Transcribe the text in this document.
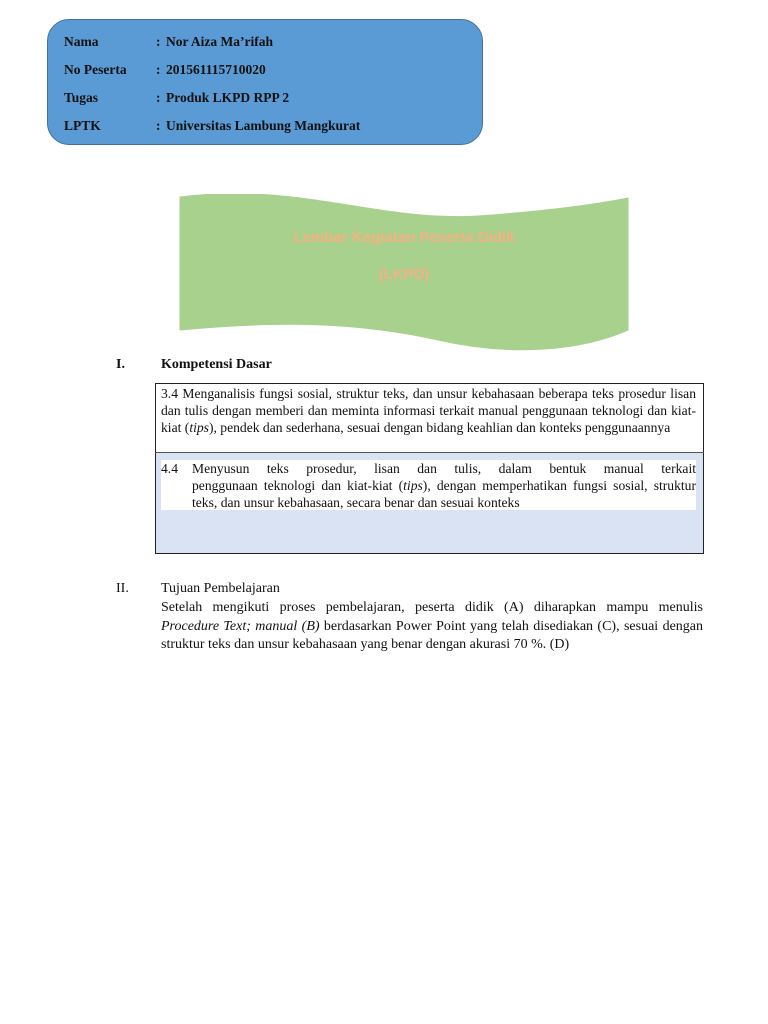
Nama	: Nor Aiza Ma’rifah
No Peserta : 201561115710020
Tugas	: Produk LKPD RPP 2
LPTK	: Universitas Lambung Mangkurat
Lembar Kegiatan Peserta Didik
(LKPD)
I.	Kompetensi Dasar
3.4 Menganalisis fungsi sosial, struktur teks, dan unsur kebahasaan beberapa teks prosedur lisan dan tulis dengan memberi dan meminta informasi terkait manual penggunaan teknologi dan kiat-kiat (tips), pendek dan sederhana, sesuai dengan bidang keahlian dan konteks penggunaannya
4.4	Menyusun teks prosedur, lisan dan tulis, dalam bentuk manual terkait
penggunaan teknologi dan kiat-kiat (tips), dengan memperhatikan fungsi sosial, struktur teks, dan unsur kebahasaan, secara benar dan sesuai konteks
II. Tujuan Pembelajaran
Setelah mengikuti proses pembelajaran, peserta didik (A) diharapkan mampu menulis Procedure Text; manual (B) berdasarkan Power Point yang telah disediakan (C), sesuai dengan struktur teks dan unsur kebahasaan yang benar dengan akurasi 70 %. (D)
